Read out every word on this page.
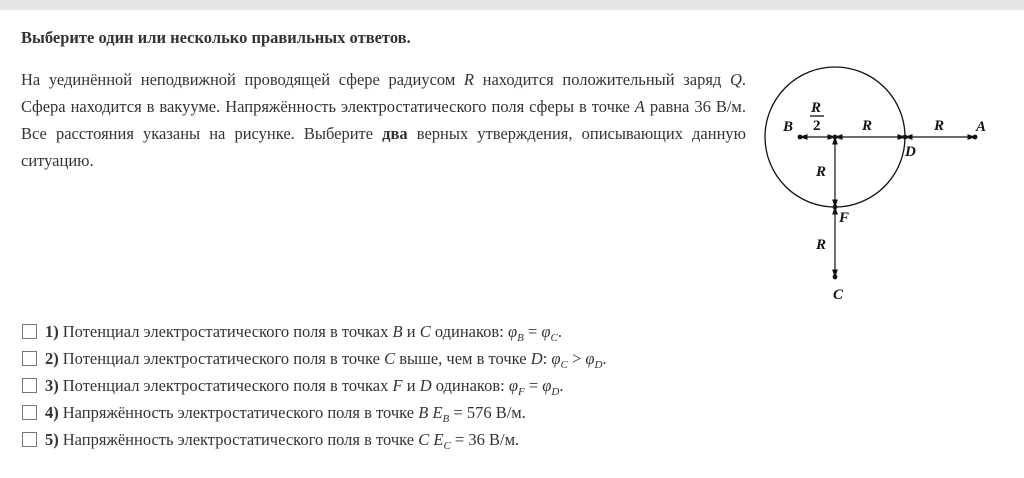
Выберите один или несколько правильных ответов.
На уединённой неподвижной проводящей сфере радиусом R находится положительный заряд Q. Сфера находится в вакууме. Напряжённость электростатического поля сферы в точке A равна 36 В/м. Все расстояния указаны на рисунке. Выберите два верных утверждения, описывающих данную ситуацию.
B
R
2	R	R A
D
R
F
R
C
1) Потенциал электростатического поля в точках B и C одинаков: $\varphi_B = \varphi_C$.
2) Потенциал электростатического поля в точке C выше, чем в точке D: $\varphi_C > \varphi_D$.
3) Потенциал электростатического поля в точках F и D одинаков: $\varphi_F = \varphi_D$.
4) Напряжённость электростатического поля в точке B $E_B = 576$ В/м.
5) Напряжённость электростатического поля в точке C $E_C = 36$ В/м.
